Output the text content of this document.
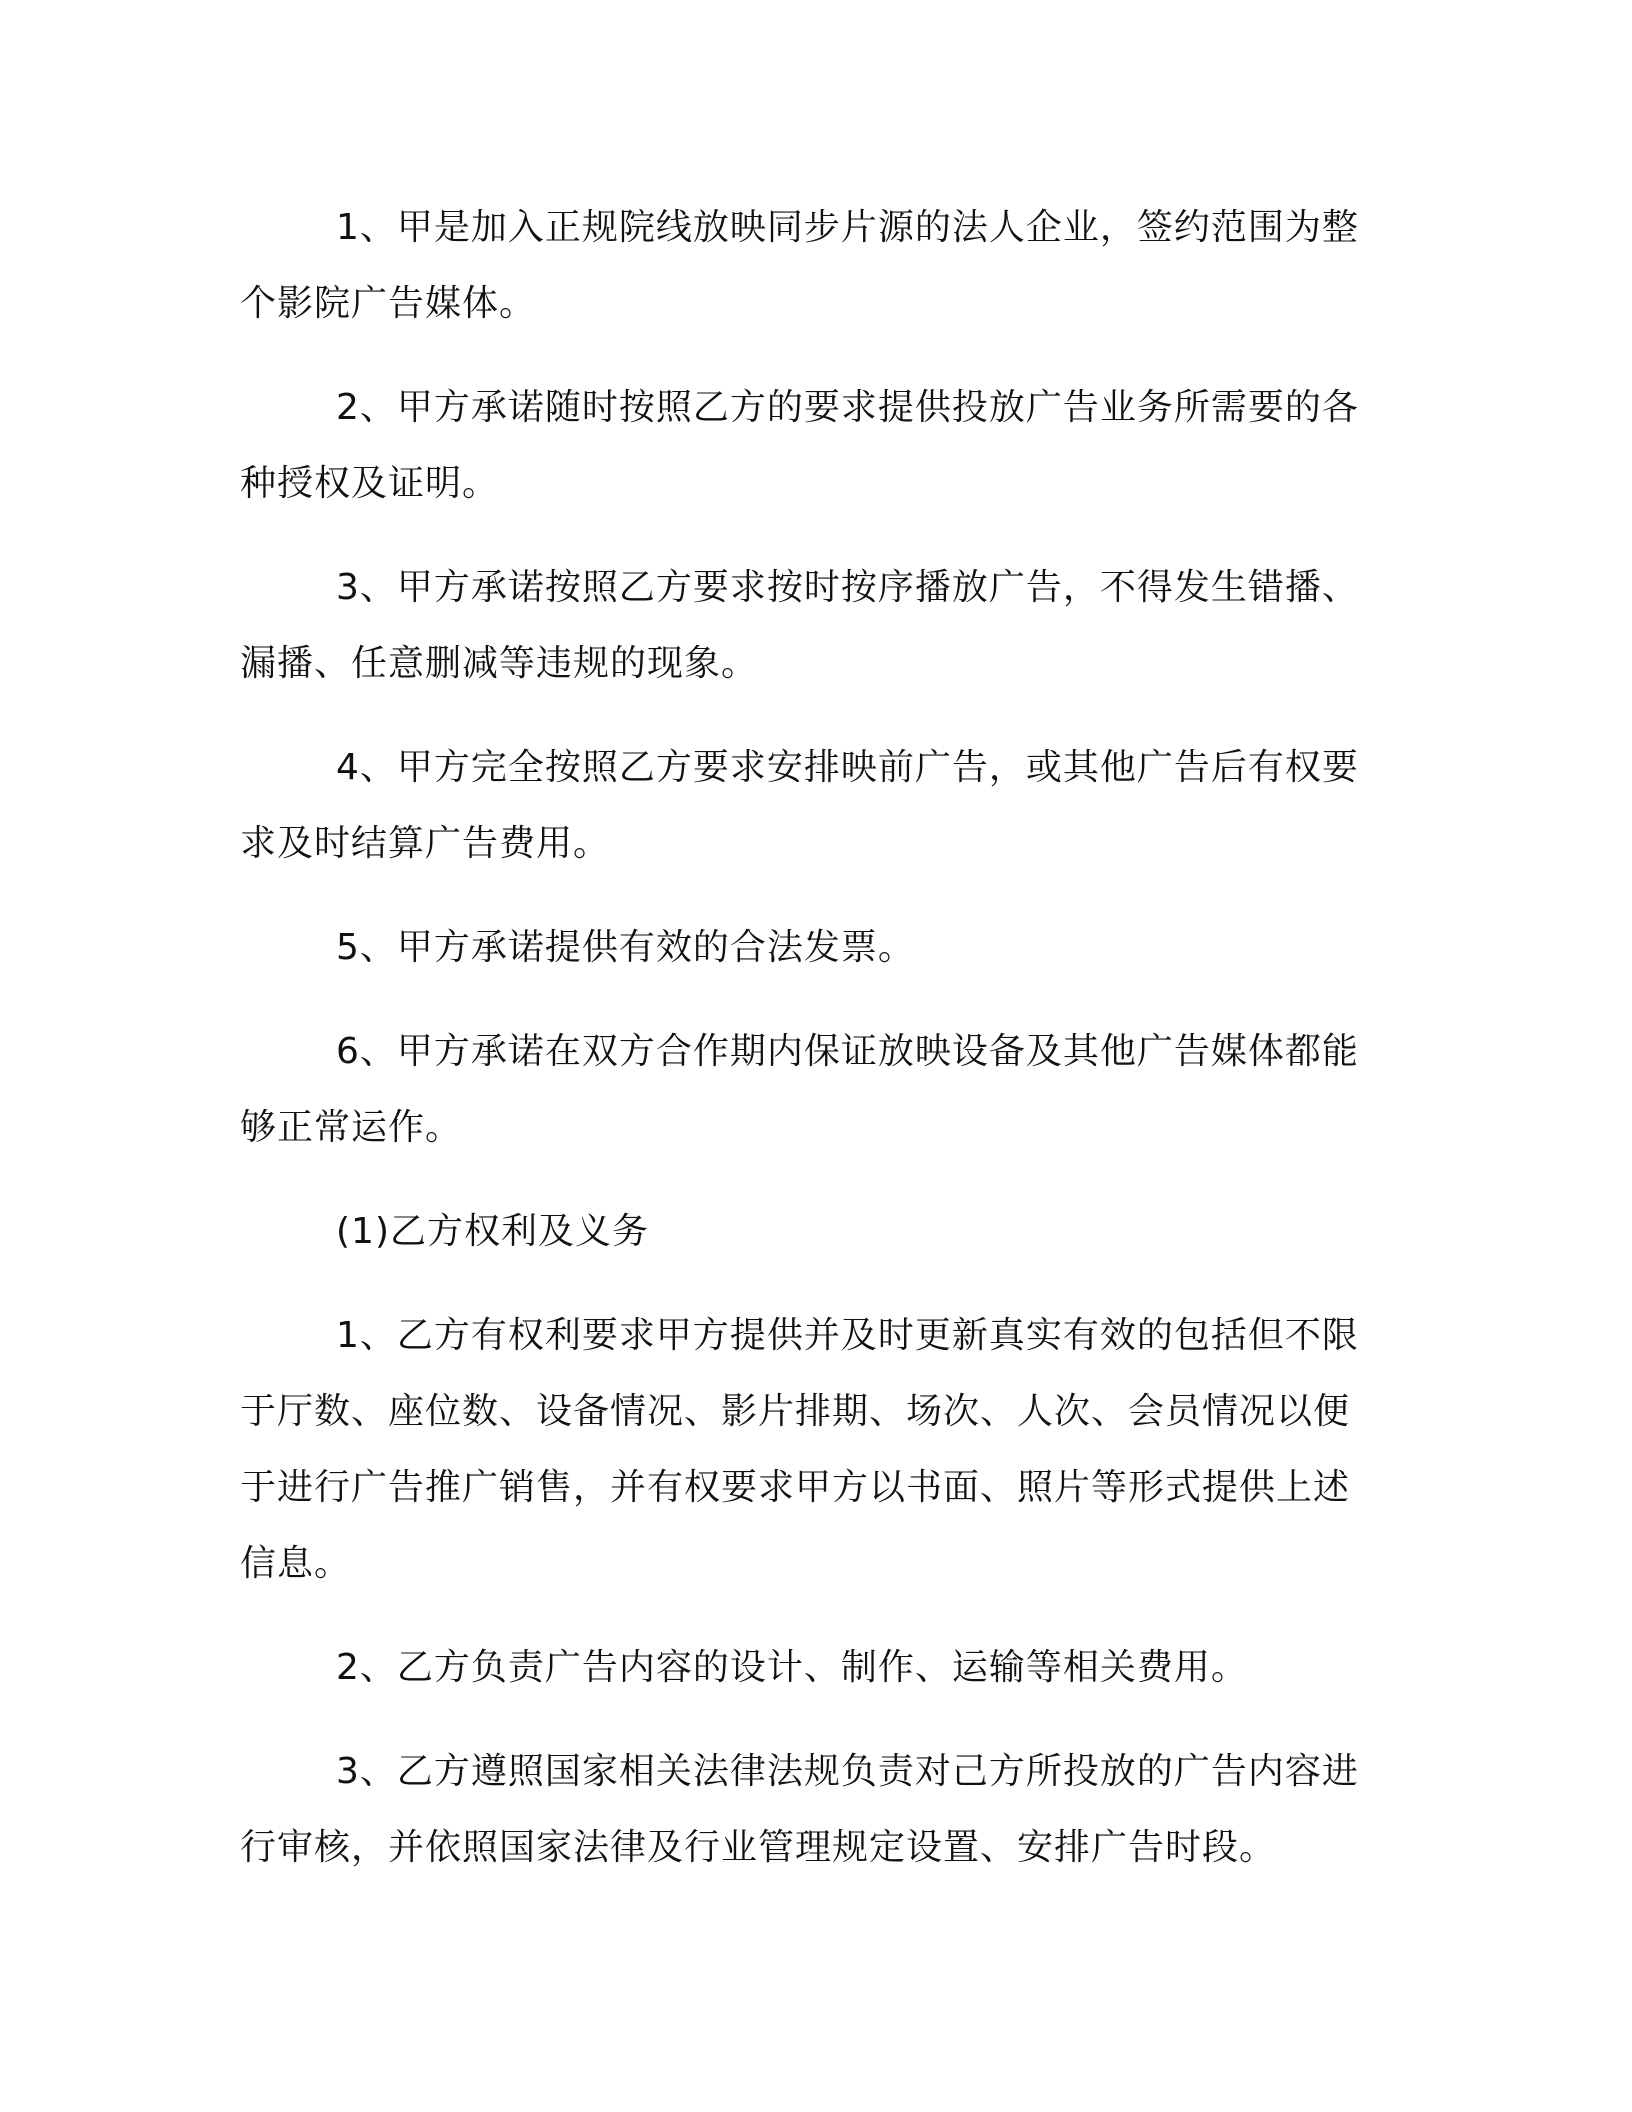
1、甲是加入正规院线放映同步片源的法人企业，签约范围为整个影院广告媒体。

2、甲方承诺随时按照乙方的要求提供投放广告业务所需要的各种授权及证明。

3、甲方承诺按照乙方要求按时按序播放广告，不得发生错播、漏播、任意删减等违规的现象。

4、甲方完全按照乙方要求安排映前广告，或其他广告后有权要求及时结算广告费用。

5、甲方承诺提供有效的合法发票。

6、甲方承诺在双方合作期内保证放映设备及其他广告媒体都能够正常运作。

(1)乙方权利及义务

1、乙方有权利要求甲方提供并及时更新真实有效的包括但不限于厅数、座位数、设备情况、影片排期、场次、人次、会员情况以便于进行广告推广销售，并有权要求甲方以书面、照片等形式提供上述信息。

2、乙方负责广告内容的设计、制作、运输等相关费用。

3、乙方遵照国家相关法律法规负责对己方所投放的广告内容进行审核，并依照国家法律及行业管理规定设置、安排广告时段。
